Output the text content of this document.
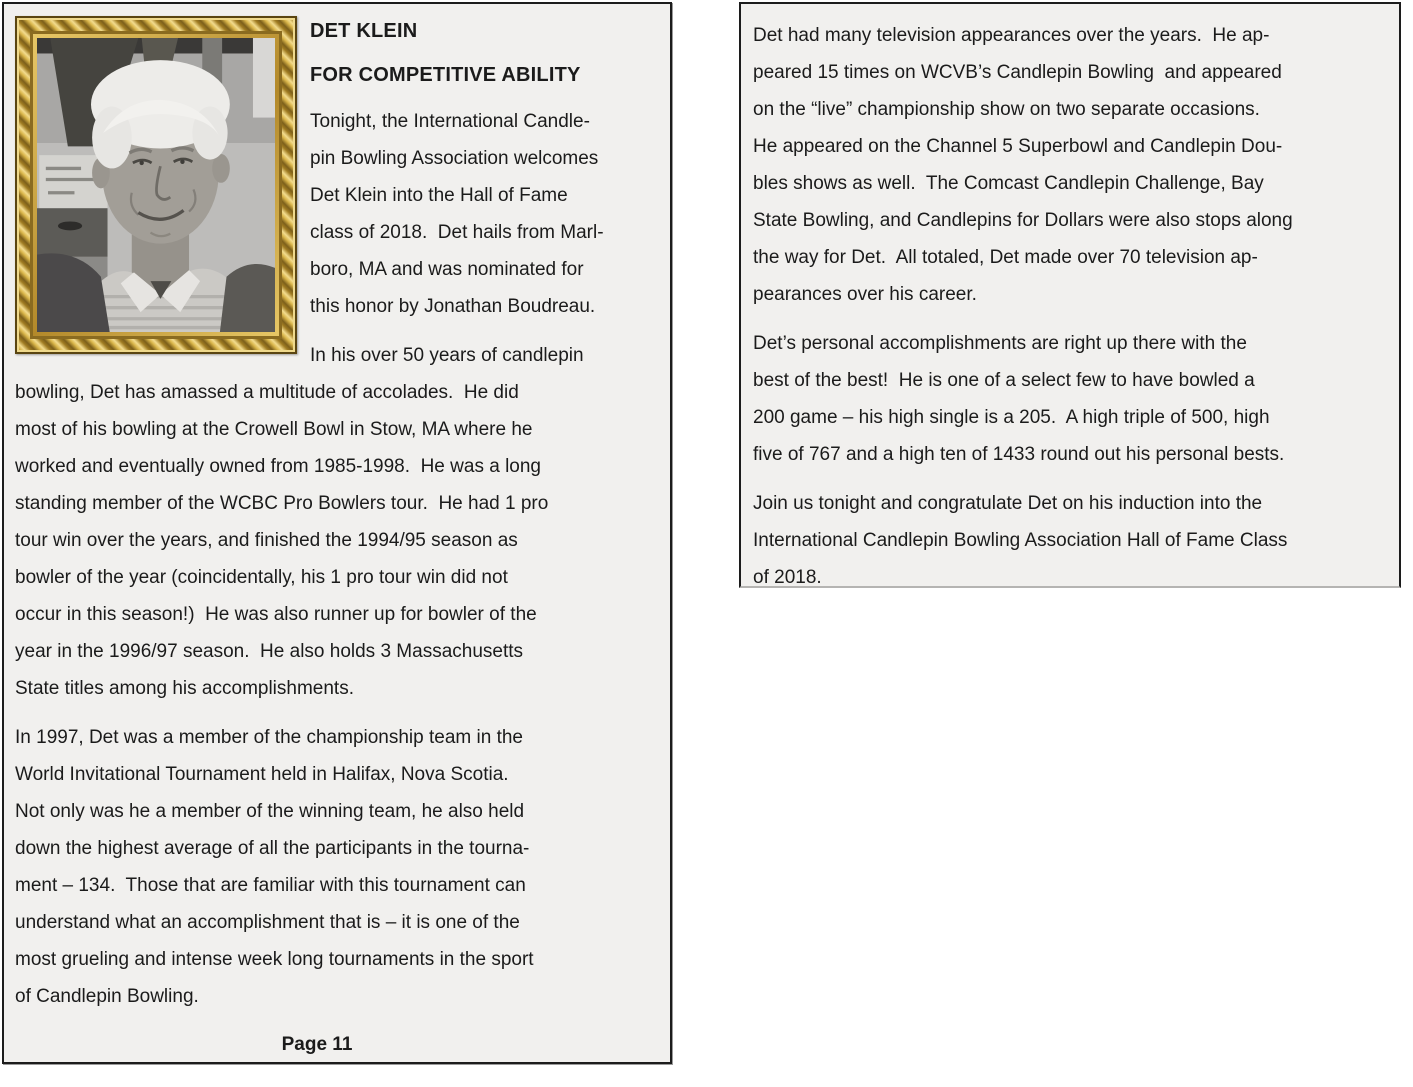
DET KLEIN
FOR COMPETITIVE ABILITY
Tonight, the International Candle-
pin Bowling Association welcomes
Det Klein into the Hall of Fame
class of 2018.  Det hails from Marl-
boro, MA and was nominated for
this honor by Jonathan Boudreau.
In his over 50 years of candlepin
bowling, Det has amassed a multitude of accolades.  He did
most of his bowling at the Crowell Bowl in Stow, MA where he
worked and eventually owned from 1985-1998.  He was a long
standing member of the WCBC Pro Bowlers tour.  He had 1 pro
tour win over the years, and finished the 1994/95 season as
bowler of the year (coincidentally, his 1 pro tour win did not
occur in this season!)  He was also runner up for bowler of the
year in the 1996/97 season.  He also holds 3 Massachusetts
State titles among his accomplishments.
In 1997, Det was a member of the championship team in the
World Invitational Tournament held in Halifax, Nova Scotia.
Not only was he a member of the winning team, he also held
down the highest average of all the participants in the tourna-
ment – 134.  Those that are familiar with this tournament can
understand what an accomplishment that is – it is one of the
most grueling and intense week long tournaments in the sport
of Candlepin Bowling.
Page 11
Det had many television appearances over the years.  He ap-
peared 15 times on WCVB’s Candlepin Bowling  and appeared
on the “live” championship show on two separate occasions.
He appeared on the Channel 5 Superbowl and Candlepin Dou-
bles shows as well.  The Comcast Candlepin Challenge, Bay
State Bowling, and Candlepins for Dollars were also stops along
the way for Det.  All totaled, Det made over 70 television ap-
pearances over his career.
Det’s personal accomplishments are right up there with the
best of the best!  He is one of a select few to have bowled a
200 game – his high single is a 205.  A high triple of 500, high
five of 767 and a high ten of 1433 round out his personal bests.
Join us tonight and congratulate Det on his induction into the
International Candlepin Bowling Association Hall of Fame Class
of 2018.
